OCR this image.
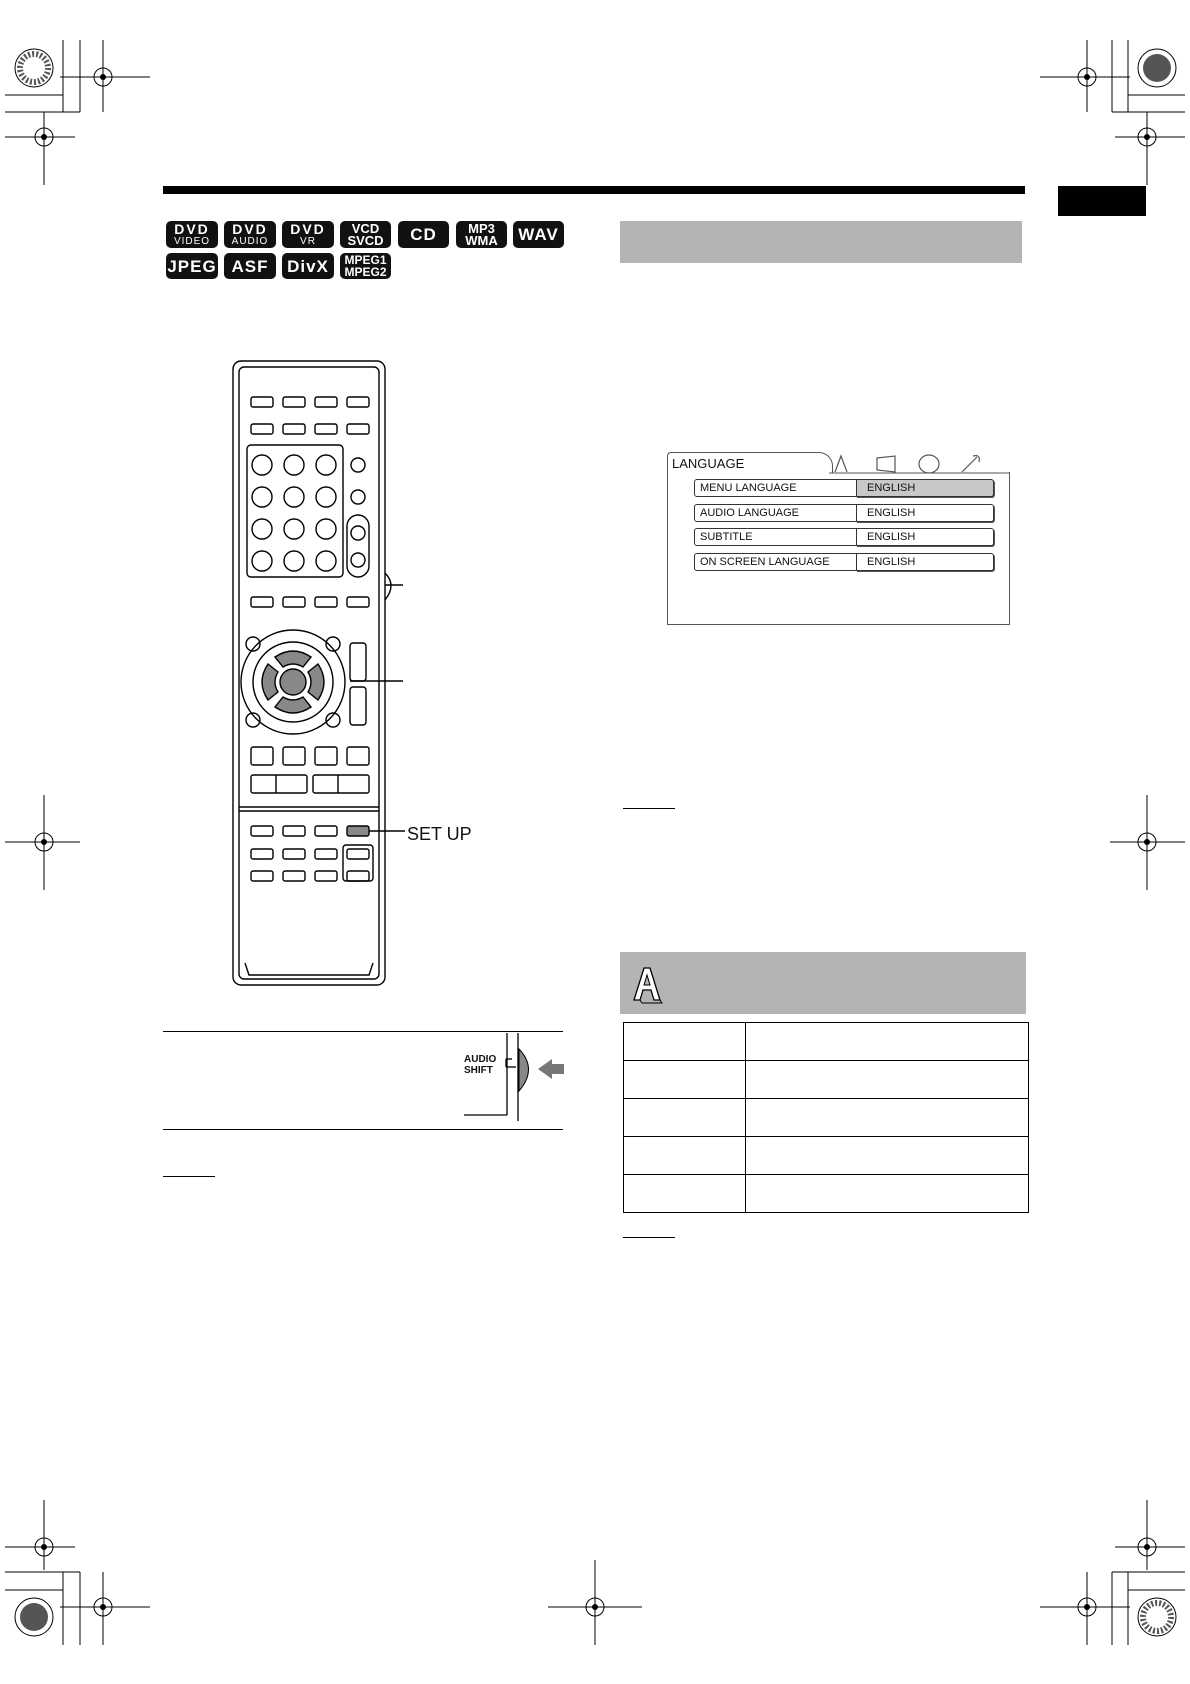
DVD
VIDEO
DVD
AUDIO
DVD
VR
VCD
SVCD CD MP3
WMA WAV
JPEG ASF DivX MPEG1
MPEG2
SET UP
AUDIO
SHIFT
LANGUAGE
MENU LANGUAGE	ENGLISH
AUDIO LANGUAGE	ENGLISH
SUBTITLE	ENGLISH
ON SCREEN LANGUAGE	ENGLISH
